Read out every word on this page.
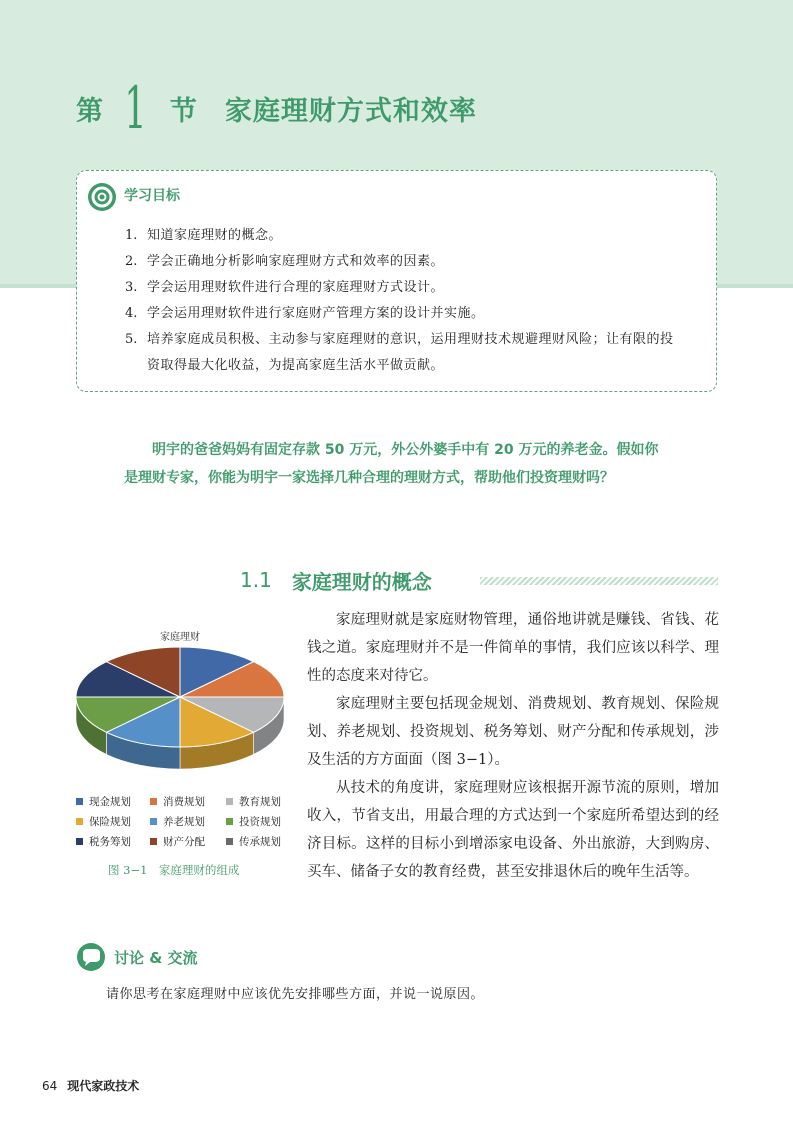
第 1 节 家庭理财方式和效率
学习目标
1. 知道家庭理财的概念。
2. 学会正确地分析影响家庭理财方式和效率的因素。
3. 学会运用理财软件进行合理的家庭理财方式设计。
4. 学会运用理财软件进行家庭财产管理方案的设计并实施。
5. 培养家庭成员积极、主动参与家庭理财的意识，运用理财技术规避理财风险；让有限的投资取得最大化收益，为提高家庭生活水平做贡献。

明宇的爸爸妈妈有固定存款 50 万元，外公外婆手中有 20 万元的养老金。假如你

是理财专家，你能为明宇一家选择几种合理的理财方式，帮助他们投资理财吗？

1.1 家庭理财的概念
家庭理财
现金规划	消费规划	教育规划
保险规划	养老规划	投资规划
税务筹划	财产分配	传承规划
图 3−1　家庭理财的组成

家庭理财就是家庭财物管理，通俗地讲就是赚钱、省钱、花钱之道。家庭理财并不是一件简单的事情，我们应该以科学、理性的态度来对待它。

家庭理财主要包括现金规划、消费规划、教育规划、保险规划、养老规划、投资规划、税务筹划、财产分配和传承规划，涉及生活的方方面面（图 3−1）。

从技术的角度讲，家庭理财应该根据开源节流的原则，增加收入，节省支出，用最合理的方式达到一个家庭所希望达到的经济目标。这样的目标小到增添家电设备、外出旅游，大到购房、买车、储备子女的教育经费，甚至安排退休后的晚年生活等。

讨论 & 交流
请你思考在家庭理财中应该优先安排哪些方面，并说一说原因。
64 现代家政技术
